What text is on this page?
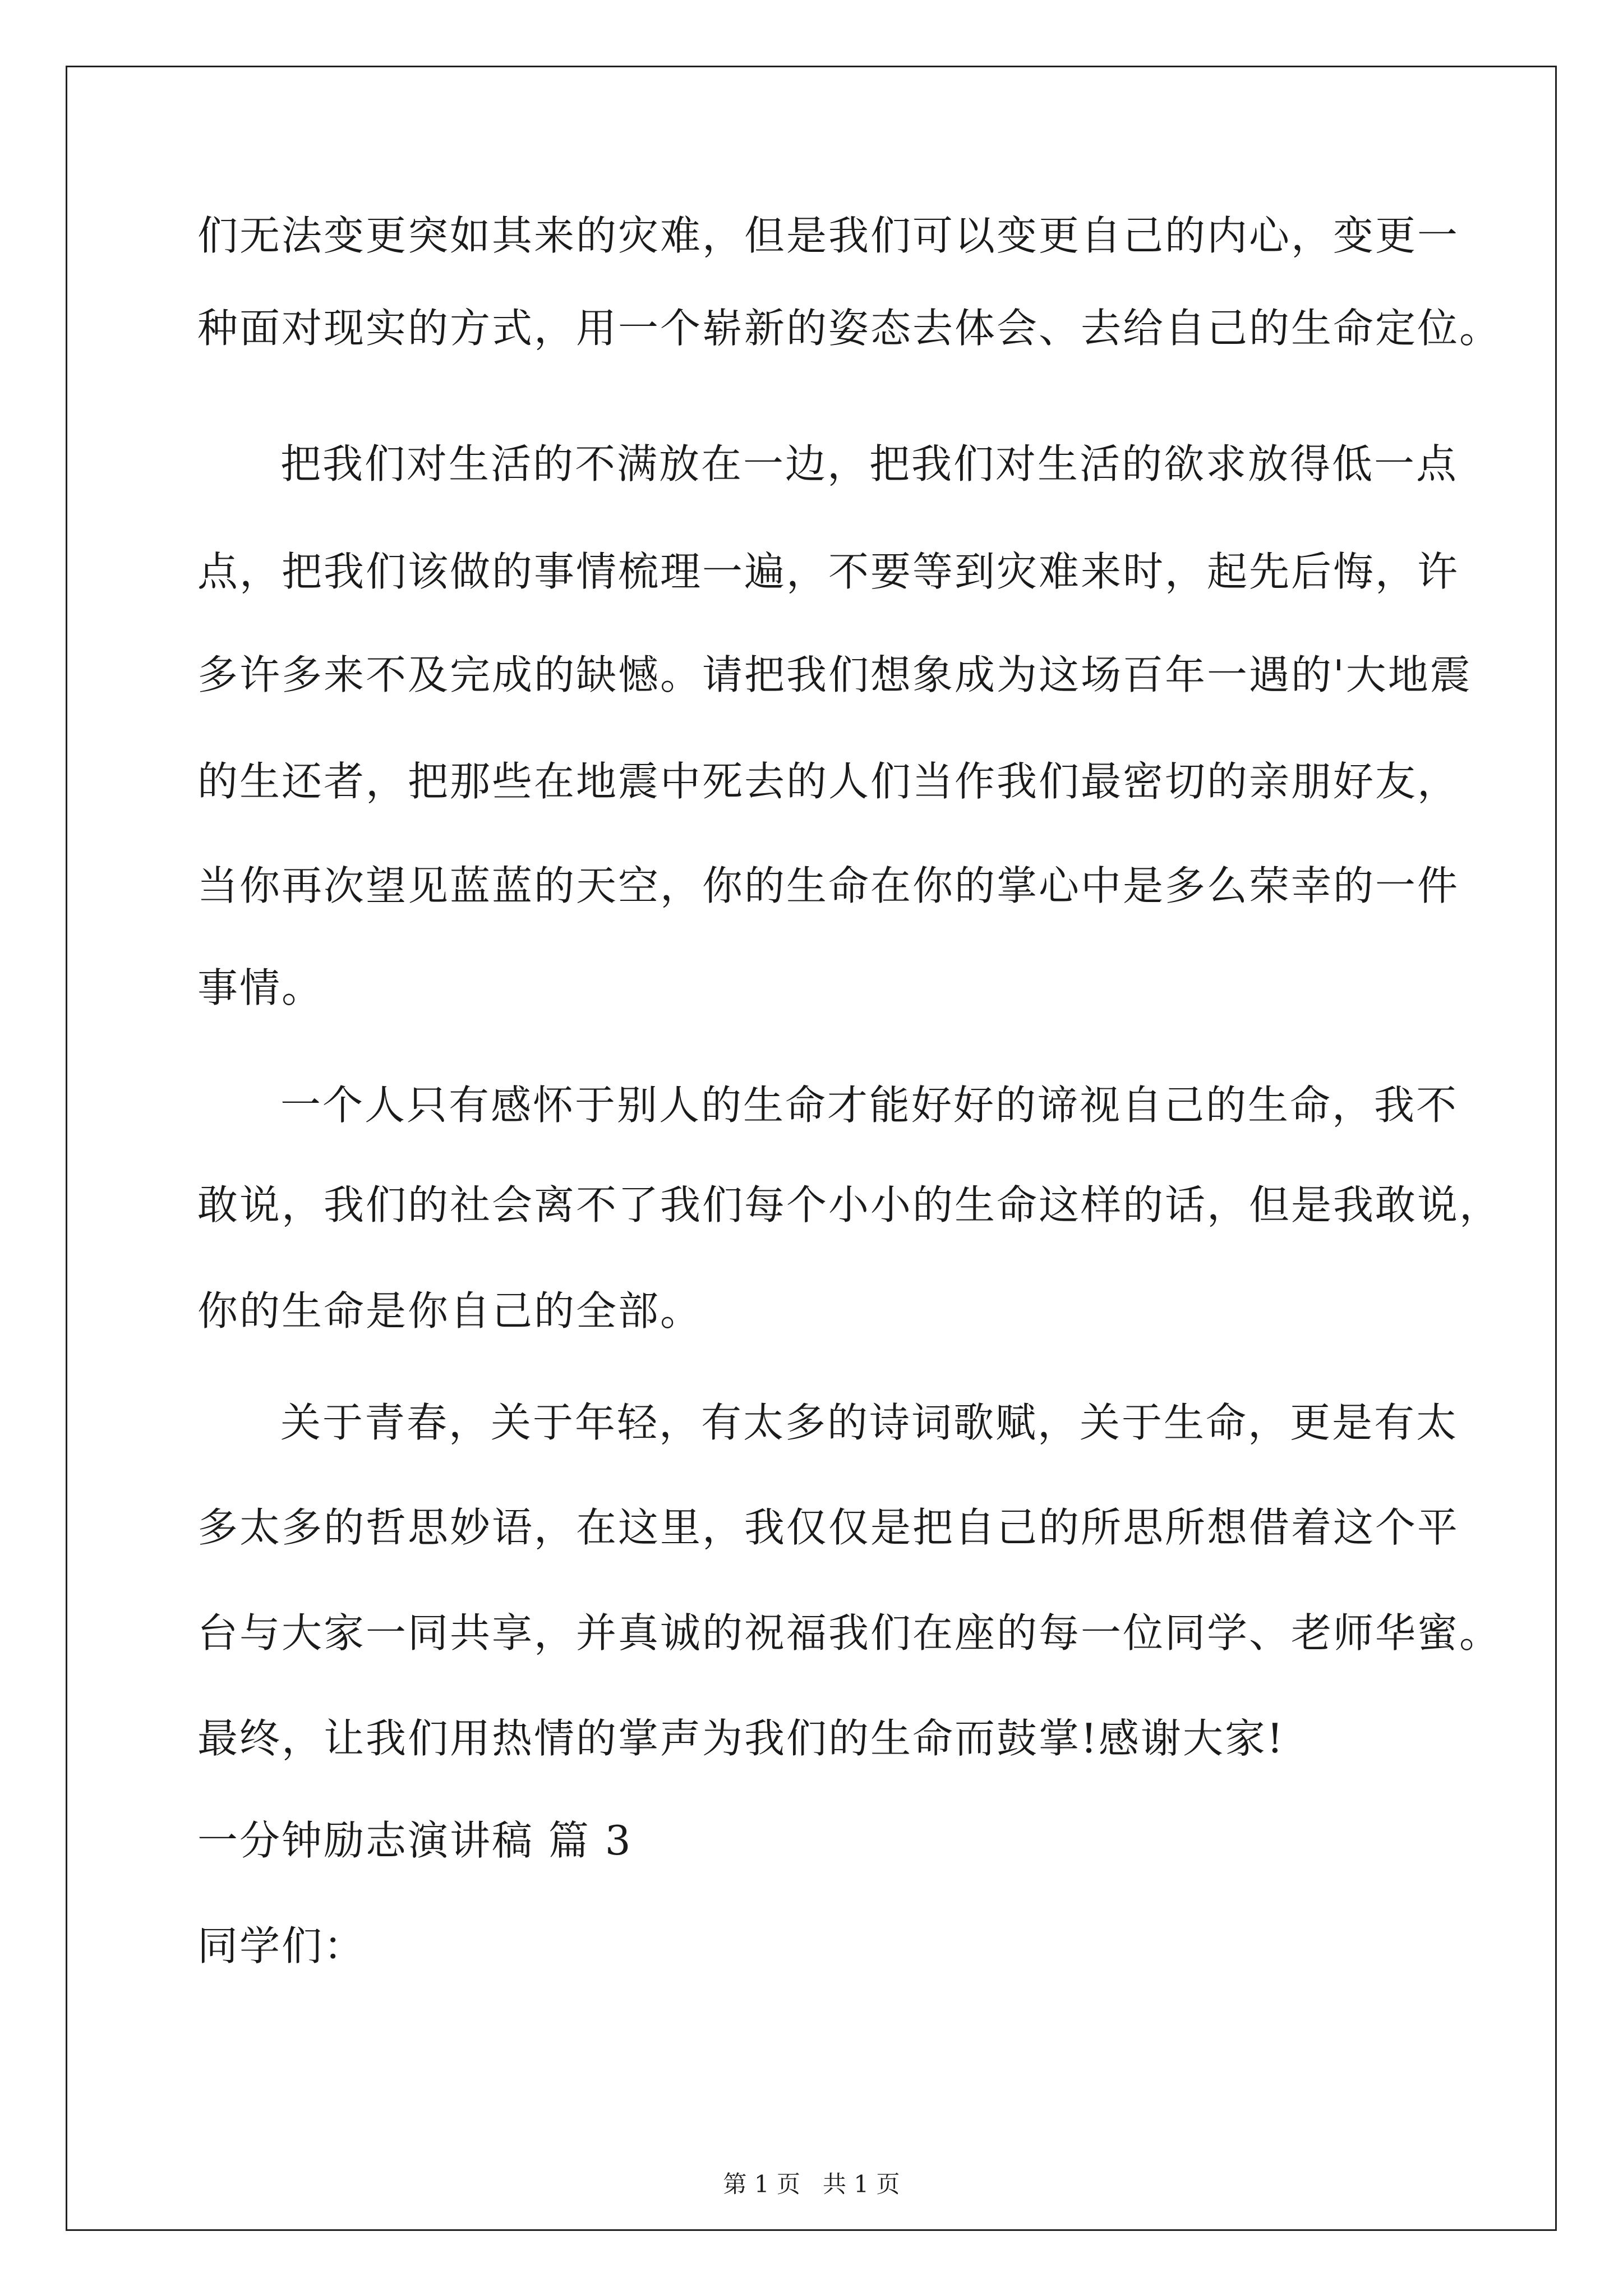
们无法变更突如其来的灾难，但是我们可以变更自己的内心，变更一
种面对现实的方式，用一个崭新的姿态去体会、去给自己的生命定位。
把我们对生活的不满放在一边，把我们对生活的欲求放得低一点
点，把我们该做的事情梳理一遍，不要等到灾难来时，起先后悔，许
多许多来不及完成的缺憾。请把我们想象成为这场百年一遇的'大地震
的生还者，把那些在地震中死去的人们当作我们最密切的亲朋好友，
当你再次望见蓝蓝的天空，你的生命在你的掌心中是多么荣幸的一件
事情。
一个人只有感怀于别人的生命才能好好的谛视自己的生命，我不
敢说，我们的社会离不了我们每个小小的生命这样的话，但是我敢说，
你的生命是你自己的全部。
关于青春，关于年轻，有太多的诗词歌赋，关于生命，更是有太
多太多的哲思妙语，在这里，我仅仅是把自己的所思所想借着这个平
台与大家一同共享，并真诚的祝福我们在座的每一位同学、老师华蜜。
最终，让我们用热情的掌声为我们的生命而鼓掌!感谢大家!
一分钟励志演讲稿 篇 3
同学们：
第 1 页   共 1 页
